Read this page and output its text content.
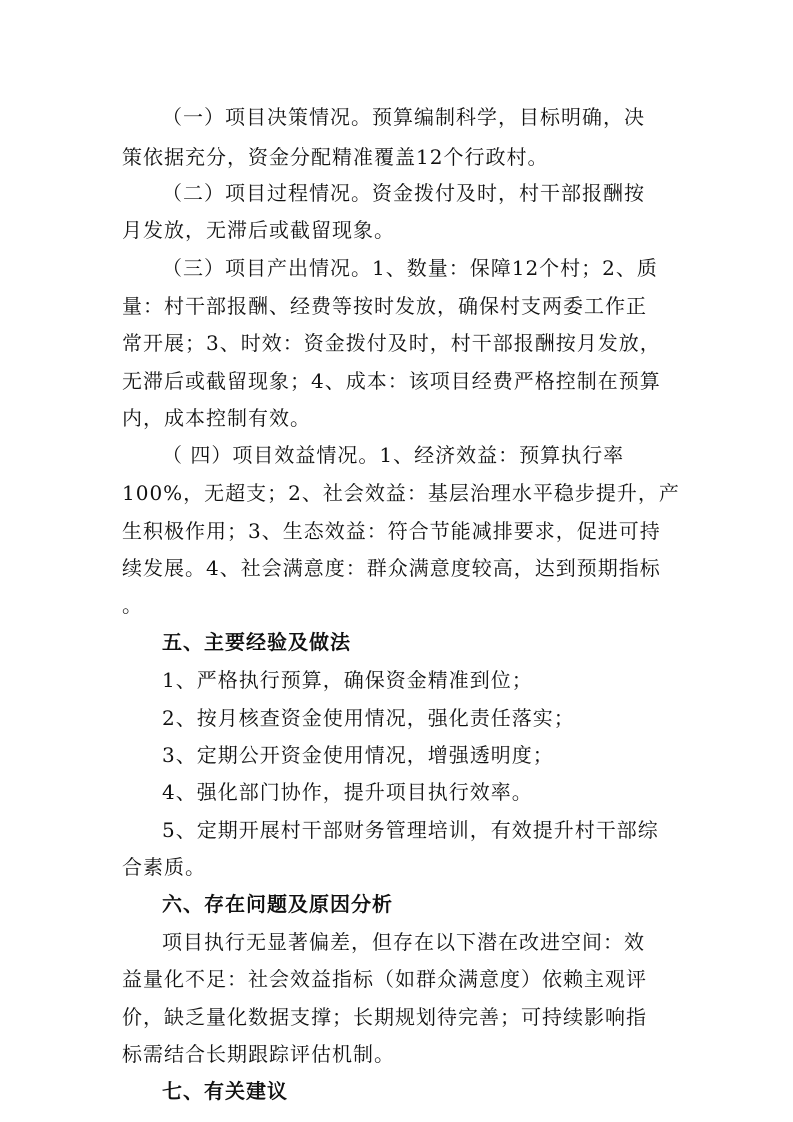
（一）项目决策情况。预算编制科学，目标明确，决
策依据充分，资金分配精准覆盖12个行政村。
（二）项目过程情况。资金拨付及时，村干部报酬按
月发放，无滞后或截留现象。
（三）项目产出情况。1、数量：保障12个村；2、质
量：村干部报酬、经费等按时发放，确保村支两委工作正
常开展；3、时效：资金拨付及时，村干部报酬按月发放，
无滞后或截留现象；4、成本：该项目经费严格控制在预算
内，成本控制有效。
（ 四）项目效益情况。1、经济效益：预算执行率
100%，无超支；2、社会效益：基层治理水平稳步提升，产
生积极作用；3、生态效益：符合节能减排要求，促进可持
续发展。4、社会满意度：群众满意度较高，达到预期指标
。
五、主要经验及做法
1、严格执行预算，确保资金精准到位；
2、按月核查资金使用情况，强化责任落实；
3、定期公开资金使用情况，增强透明度；
4、强化部门协作，提升项目执行效率。
5、定期开展村干部财务管理培训，有效提升村干部综
合素质。
六、存在问题及原因分析
项目执行无显著偏差，但存在以下潜在改进空间：效
益量化不足：社会效益指标（如群众满意度）依赖主观评
价，缺乏量化数据支撑；长期规划待完善；可持续影响指
标需结合长期跟踪评估机制。
七、有关建议
